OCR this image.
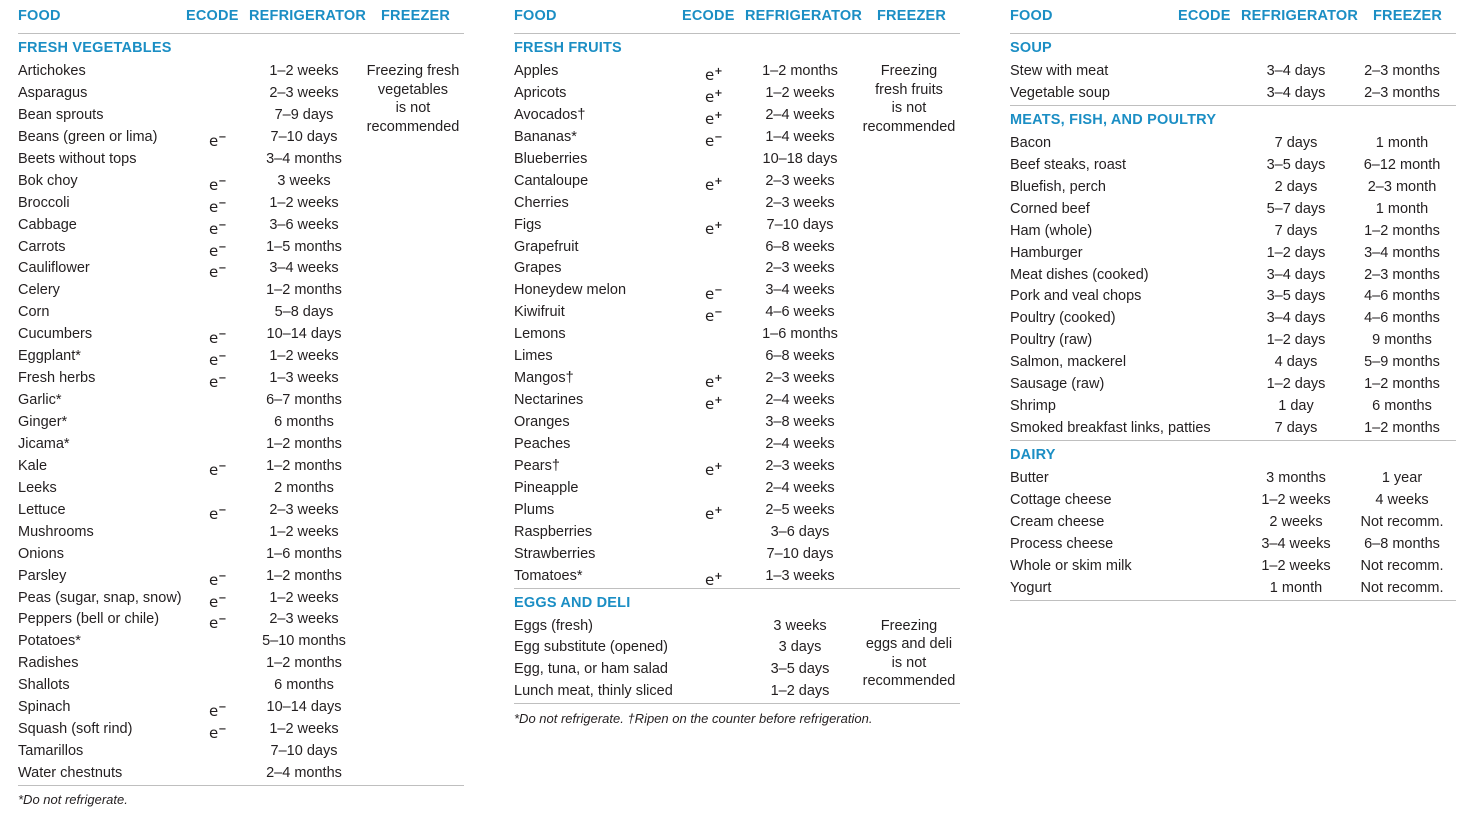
FOOD	ECODE REFRIGERATOR FREEZER
FRESH VEGETABLES
Artichokes	1–2 weeks
Asparagus	2–3 weeks
Bean sprouts	7–9 days
Beans (green or lima)	e−	7–10 days
Beets without tops	3–4 months
Bok choy	e−	3 weeks
Broccoli	e−	1–2 weeks
Cabbage	e−	3–6 weeks
Carrots	e−	1–5 months
Cauliflower	e−	3–4 weeks
Celery	1–2 months
Corn	5–8 days
Cucumbers	e−	10–14 days
Eggplant*	e−	1–2 weeks
Fresh herbs	e−	1–3 weeks
Garlic*	6–7 months
Ginger*	6 months
Jicama*	1–2 months
Kale	e−	1–2 months
Leeks	2 months
Lettuce	e−	2–3 weeks
Mushrooms	1–2 weeks
Onions	1–6 months
Parsley	e−	1–2 months
Peas (sugar, snap, snow) e−	1–2 weeks
Peppers (bell or chile)	e−	2–3 weeks
Potatoes*	5–10 months
Radishes	1–2 months
Shallots	6 months
Spinach	e−	10–14 days
Squash (soft rind)	e−	1–2 weeks
Tamarillos	7–10 days
Water chestnuts	2–4 months
Freezing fresh
vegetables
is not
recommended
*Do not refrigerate.
FOOD	ECODE REFRIGERATOR FREEZER
FRESH FRUITS
Apples	e+	1–2 months
Apricots	e+	1–2 weeks
Avocados†	e+	2–4 weeks
Bananas*	e−	1–4 weeks
Blueberries	10–18 days
Cantaloupe	e+	2–3 weeks
Cherries	2–3 weeks
Figs	e+	7–10 days
Grapefruit	6–8 weeks
Grapes	2–3 weeks
Honeydew melon	e−	3–4 weeks
Kiwifruit	e−	4–6 weeks
Lemons	1–6 months
Limes	6–8 weeks
Mangos†	e+	2–3 weeks
Nectarines	e+	2–4 weeks
Oranges	3–8 weeks
Peaches	2–4 weeks
Pears†	e+	2–3 weeks
Pineapple	2–4 weeks
Plums	e+	2–5 weeks
Raspberries	3–6 days
Strawberries	7–10 days
Tomatoes*	e+	1–3 weeks
Freezing
fresh fruits
is not
recommended
EGGS AND DELI
Eggs (fresh)	3 weeks
Egg substitute (opened)	3 days
Egg, tuna, or ham salad	3–5 days
Lunch meat, thinly sliced	1–2 days
Freezing
eggs and deli
is not
recommended
*Do not refrigerate. †Ripen on the counter before refrigeration.
FOOD	ECODE REFRIGERATOR FREEZER
SOUP
Stew with meat	3–4 days	2–3 months
Vegetable soup	3–4 days	2–3 months
MEATS, FISH, AND POULTRY
Bacon	7 days	1 month
Beef steaks, roast	3–5 days	6–12 month
Bluefish, perch	2 days	2–3 month
Corned beef	5–7 days	1 month
Ham (whole)	7 days	1–2 months
Hamburger	1–2 days	3–4 months
Meat dishes (cooked)	3–4 days	2–3 months
Pork and veal chops	3–5 days	4–6 months
Poultry (cooked)	3–4 days	4–6 months
Poultry (raw)	1–2 days	9 months
Salmon, mackerel	4 days	5–9 months
Sausage (raw)	1–2 days	1–2 months
Shrimp	1 day	6 months
Smoked breakfast links, patties	7 days	1–2 months
DAIRY
Butter	3 months	1 year
Cottage cheese	1–2 weeks	4 weeks
Cream cheese	2 weeks	Not recomm.
Process cheese	3–4 weeks	6–8 months
Whole or skim milk	1–2 weeks	Not recomm.
Yogurt	1 month	Not recomm.
